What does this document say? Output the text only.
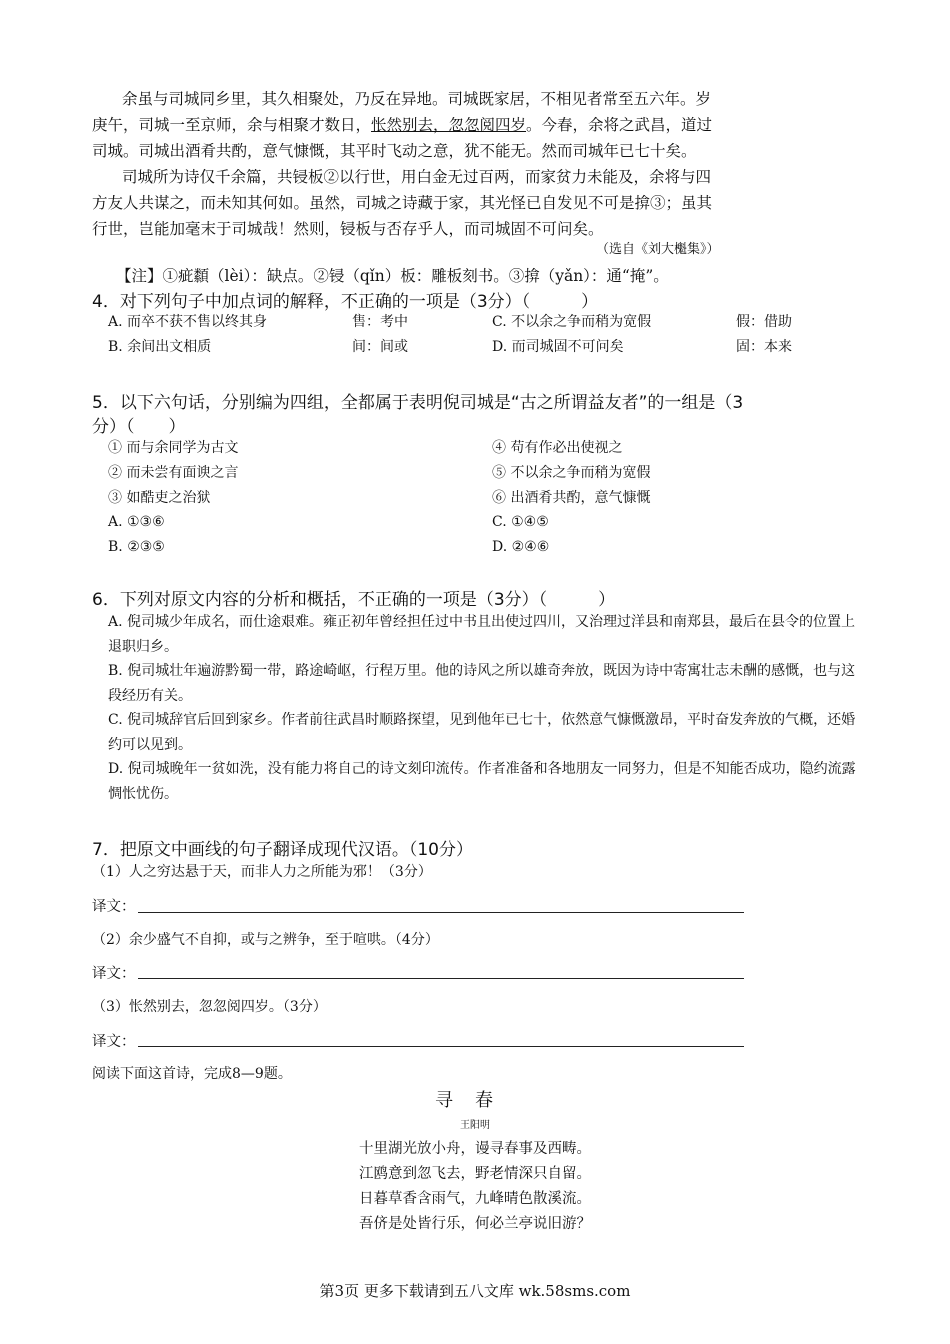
余虽与司城同乡里，其久相聚处，乃反在异地。司城既家居，不相见者常至五六年。岁
庚午，司城一至京师，余与相聚才数日，怅然别去，忽忽阅四岁。今春，余将之武昌，道过
司城。司城出酒肴共酌，意气慷慨，其平时飞动之意，犹不能无。然而司城年已七十矣。
司城所为诗仅千余篇，共锓板②以行世，用白金无过百两，而家贫力未能及，余将与四
方友人共谋之，而未知其何如。虽然，司城之诗藏于家，其光怪已自发见不可是揜③；虽其
行世，岂能加毫末于司城哉！然则，锓板与否存乎人，而司城固不可问矣。
（选自《刘大櫆集》）
【注】①疵纇（lèi）：缺点。②锓（qǐn）板：雕板刻书。③揜（yǎn）：通“掩”。
4．对下列句子中加点词的解释，不正确的一项是（3分）（　　　）
A. 而卒不获不售以终其身	售：考中	C. 不以余之争而稍为宽假	假：借助
B. 余间出文相质	间：间或	D. 而司城固不可问矣	固：本来
5．以下六句话，分别编为四组，全都属于表明倪司城是“古之所谓益友者”的一组是（3
分）（　　）
① 而与余同学为古文	④ 苟有作必出使视之
② 而未尝有面谀之言	⑤ 不以余之争而稍为宽假
③ 如酷吏之治狱	⑥ 出酒肴共酌，意气慷慨
A. ①③⑥	C. ①④⑤
B. ②③⑤	D. ②④⑥
6．下列对原文内容的分析和概括，不正确的一项是（3分）（　　　）
A. 倪司城少年成名，而仕途艰难。雍正初年曾经担任过中书且出使过四川，又治理过洋县和南郑县，最后在县令的位置上退职归乡。
B. 倪司城壮年遍游黔蜀一带，路途崎岖，行程万里。他的诗风之所以雄奇奔放，既因为诗中寄寓壮志未酬的感慨，也与这段经历有关。
C. 倪司城辞官后回到家乡。作者前往武昌时顺路探望，见到他年已七十，依然意气慷慨激昂，平时奋发奔放的气概，还婚约可以见到。
D. 倪司城晚年一贫如洗，没有能力将自己的诗文刻印流传。作者准备和各地朋友一同努力，但是不知能否成功，隐约流露惆怅忧伤。
7．把原文中画线的句子翻译成现代汉语。（10分）
（1）人之穷达悬于天，而非人力之所能为邪！（3分）
译文：
（2）余少盛气不自抑，或与之辨争，至于喧哄。（4分）
译文：
（3）怅然别去，忽忽阅四岁。（3分）
译文：
阅读下面这首诗，完成8—9题。
寻春
王阳明
十里湖光放小舟，谩寻春事及西畴。
江鸥意到忽飞去，野老情深只自留。
日暮草香含雨气，九峰晴色散溪流。
吾侪是处皆行乐，何必兰亭说旧游？
第3页 更多下载请到五八文库 wk.58sms.com
